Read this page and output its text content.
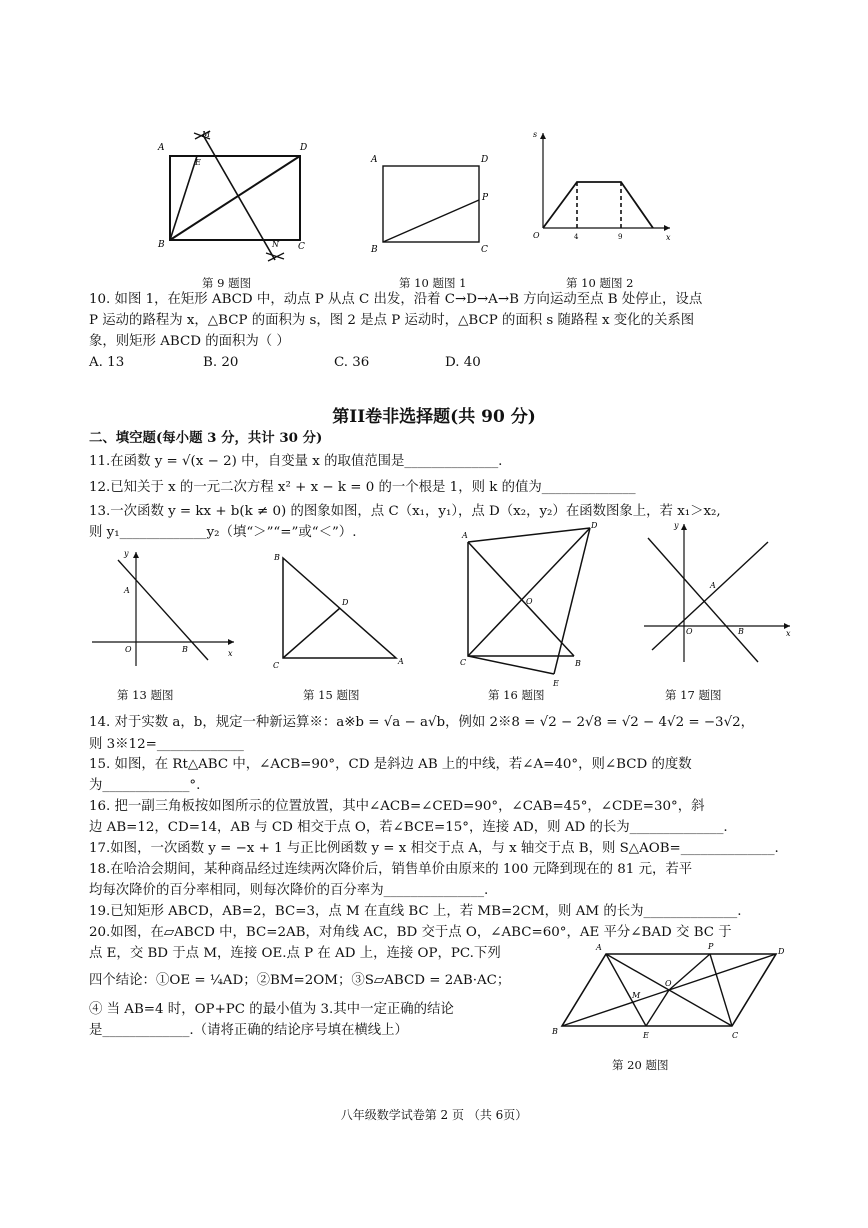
A	D
B	C
M
E
N
第 9 题图
A	D
B	C
P
第 10 题图 1
s
O	x
4	9
第 10 题图 2
10. 如图 1，在矩形 ABCD 中，动点 P 从点 C 出发，沿着 C→D→A→B 方向运动至点 B 处停止，设点
P 运动的路程为 x，△BCP 的面积为 s，图 2 是点 P 运动时，△BCP 的面积 s 随路程 x 变化的关系图
象，则矩形 ABCD 的面积为（ ）
A. 13	B. 20	C. 36	D. 40
第II卷非选择题(共 90 分)
二、填空题(每小题 3 分，共计 30 分)
11.在函数 y = √(x − 2) 中，自变量 x 的取值范围是______________.
12.已知关于 x 的一元二次方程 x² + x − k = 0 的一个根是 1，则 k 的值为______________
13.一次函数 y = kx + b(k ≠ 0) 的图象如图，点 C（x₁，y₁），点 D（x₂，y₂）在函数图象上，若 x₁＞x₂,
则 y₁_____________y₂（填“＞”“=”或“＜”）.
y
A
O	B	x
第 13 题图
B
D
C	A
第 15 题图
A
D
O
C	B
E
第 16 题图
y
A
O	B	x
第 17 题图
14. 对于实数 a，b，规定一种新运算※：a※b = √a − a√b，例如 2※8 = √2 − 2√8 = √2 − 4√2 = −3√2，
则 3※12=_____________
15. 如图，在 Rt△ABC 中，∠ACB=90°，CD 是斜边 AB 上的中线，若∠A=40°，则∠BCD 的度数
为_____________°.
16. 把一副三角板按如图所示的位置放置，其中∠ACB=∠CED=90°，∠CAB=45°，∠CDE=30°，斜
边 AB=12，CD=14，AB 与 CD 相交于点 O，若∠BCE=15°，连接 AD，则 AD 的长为______________.
17.如图，一次函数 y = −x + 1 与正比例函数 y = x 相交于点 A，与 x 轴交于点 B，则 S△AOB=______________.
18.在哈洽会期间，某种商品经过连续两次降价后，销售单价由原来的 100 元降到现在的 81 元，若平
均每次降价的百分率相同，则每次降价的百分率为_______________.
19.已知矩形 ABCD，AB=2，BC=3，点 M 在直线 BC 上，若 MB=2CM，则 AM 的长为______________.
20.如图，在▱ABCD 中，BC=2AB，对角线 AC，BD 交于点 O，∠ABC=60°，AE 平分∠BAD 交 BC 于
点 E，交 BD 于点 M，连接 OE.点 P 在 AD 上，连接 OP，PC.下列
四个结论：①OE = ¼AD；②BM=2OM；③S▱ABCD = 2AB·AC；
④ 当 AB=4 时，OP+PC 的最小值为 3.其中一定正确的结论
是_____________.（请将正确的结论序号填在横线上）
A	P
D
M
O
B	E	C
第 20 题图
八年级数学试卷第 2 页 （共 6页）
